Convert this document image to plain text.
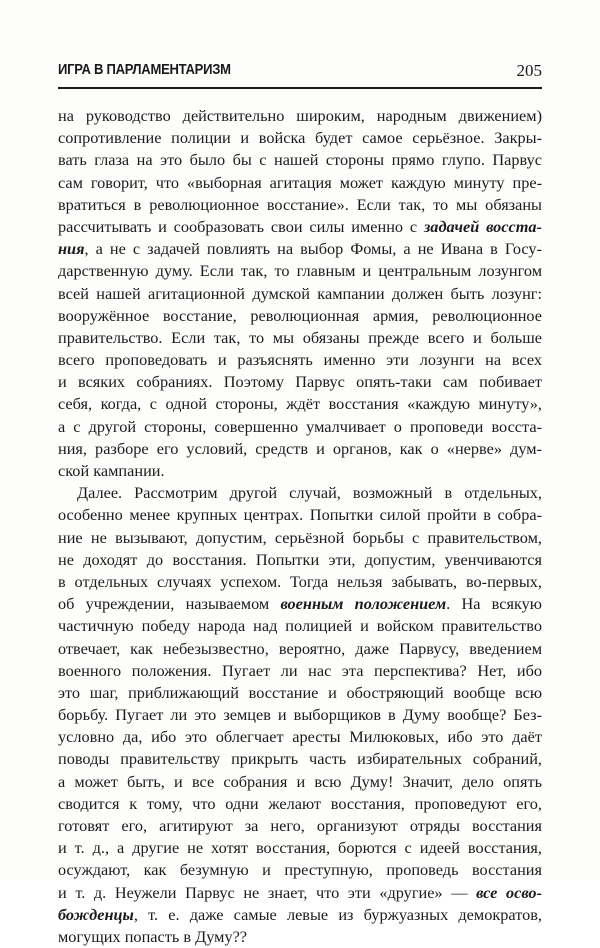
ИГРА В ПАРЛАМЕНТАРИЗМ	205
на руководство действительно широким, народным движением)
сопротивление полиции и войска будет самое серьёзное. Закры-
вать глаза на это было бы с нашей стороны прямо глупо. Парвус
сам говорит, что «выборная агитация может каждую минуту пре-
вратиться в революционное восстание». Если так, то мы обязаны
рассчитывать и сообразовать свои силы именно с задачей восста-
ния, а не с задачей повлиять на выбор Фомы, а не Ивана в Госу-
дарственную думу. Если так, то главным и центральным лозунгом
всей нашей агитационной думской кампании должен быть лозунг:
вооружённое восстание, революционная армия, революционное
правительство. Если так, то мы обязаны прежде всего и больше
всего проповедовать и разъяснять именно эти лозунги на всех
и всяких собраниях. Поэтому Парвус опять-таки сам побивает
себя, когда, с одной стороны, ждёт восстания «каждую минуту»,
а с другой стороны, совершенно умалчивает о проповеди восста-
ния, разборе его условий, средств и органов, как о «нерве» дум-
ской кампании.
Далее. Рассмотрим другой случай, возможный в отдельных,
особенно менее крупных центрах. Попытки силой пройти в собра-
ние не вызывают, допустим, серьёзной борьбы с правительством,
не доходят до восстания. Попытки эти, допустим, увенчиваются
в отдельных случаях успехом. Тогда нельзя забывать, во-первых,
об учреждении, называемом военным положением. На всякую
частичную победу народа над полицией и войском правительство
отвечает, как небезызвестно, вероятно, даже Парвусу, введением
военного положения. Пугает ли нас эта перспектива? Нет, ибо
это шаг, приближающий восстание и обостряющий вообще всю
борьбу. Пугает ли это земцев и выборщиков в Думу вообще? Без-
условно да, ибо это облегчает аресты Милюковых, ибо это даёт
поводы правительству прикрыть часть избирательных собраний,
а может быть, и все собрания и всю Думу! Значит, дело опять
сводится к тому, что одни желают восстания, проповедуют его,
готовят его, агитируют за него, организуют отряды восстания
и т. д., а другие не хотят восстания, борются с идеей восстания,
осуждают, как безумную и преступную, проповедь восстания
и т. д. Неужели Парвус не знает, что эти «другие» — все осво-
божденцы, т. е. даже самые левые из буржуазных демократов,
могущих попасть в Думу??
